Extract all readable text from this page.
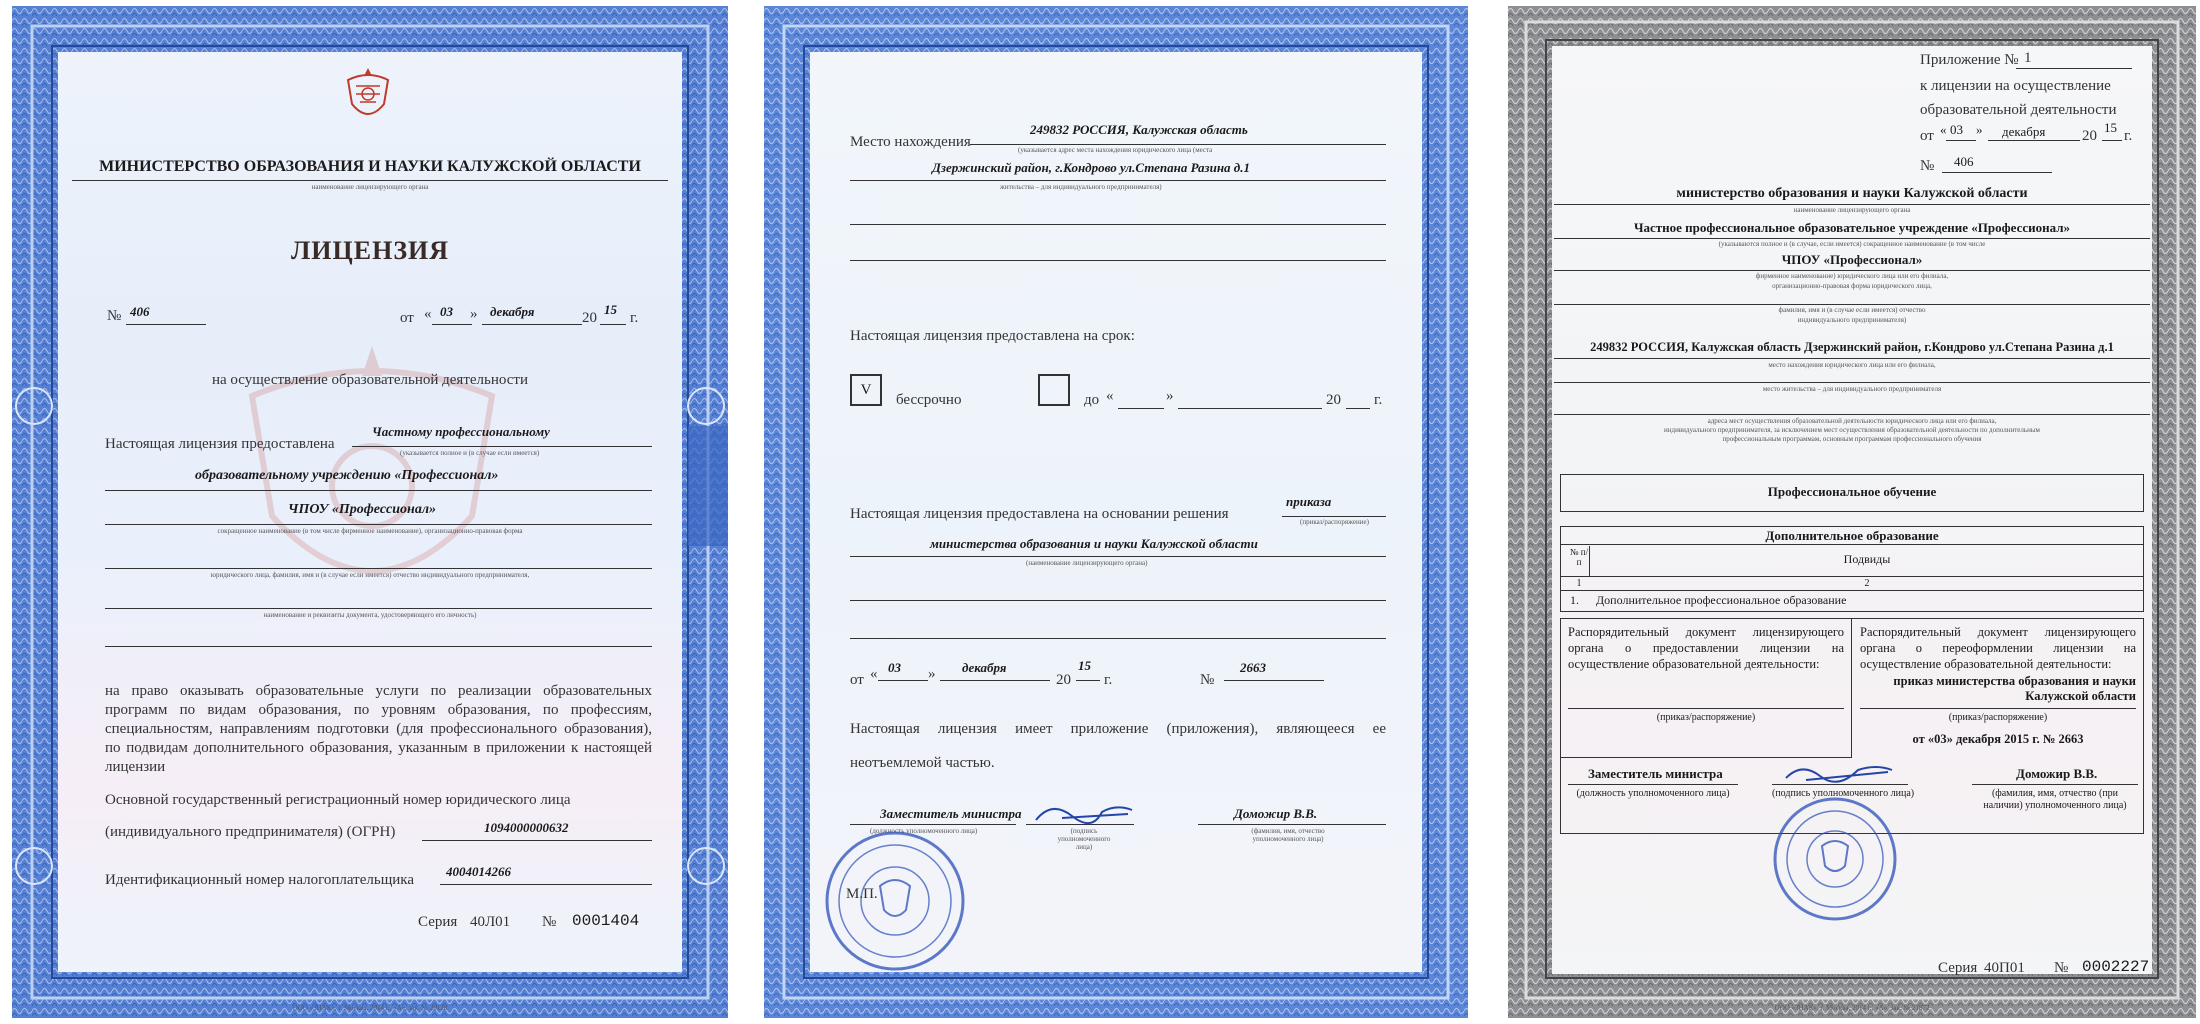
МИНИСТЕРСТВО ОБРАЗОВАНИЯ И НАУКИ КАЛУЖСКОЙ ОБЛАСТИ
наименование лицензирующего органа
ЛИЦЕНЗИЯ
№ 406	от « 03 » декабря	20
15
г.
на осуществление образовательной деятельности
Настоящая лицензия предоставлена
Частному профессиональному
(указывается полное и (в случае если имеется)
образовательному учреждению «Профессионал»
ЧПОУ «Профессионал»
сокращенное наименование (в том числе фирменное наименование), организационно-правовая форма
юридического лица, фамилия, имя и (в случае если имеется) отчество индивидуального предпринимателя,
наименование и реквизиты документа, удостоверяющего его личность)
на право оказывать образовательные услуги по реализации образовательных программ по видам образования, по уровням образования, по профессиям, специальностям, направлениям подготовки (для профессионального образования), по подвидам дополнительного образования, указанным в приложении к настоящей лицензии
Основной государственный регистрационный номер юридического лица
(индивидуального предпринимателя) (ОГРН)	1094000000632
Идентификационный номер налогоплательщика
4004014266
Серия 40Л01 № 0001404
ООО «ЗНАК», г. Москва, 2014 г., «А», зак. № 20128
Место нахождения
249832 РОССИЯ, Калужская область
(указывается адрес места нахождения юридического лица (места
Дзержинский район, г.Кондрово ул.Степана Разина д.1
жительства – для индивидуального предпринимателя)
Настоящая лицензия предоставлена на срок:
V
бессрочно	до «	»	20 г.
Настоящая лицензия предоставлена на основании решения
приказа
(приказ/распоряжение)
министерства образования и науки Калужской области
(наименование лицензирующего органа)
от « 03 » декабря
20
15
г.	№
2663
Настоящая лицензия имеет приложение (приложения), являющееся ее неотъемлемой частью.
Заместитель министра
(должность уполномоченного лица)	(подпись уполномоченного лица)
Доможир В.В.
(фамилия, имя, отчество уполномоченного лица)
М.П.
Приложение № 1
к лицензии на осуществление
образовательной деятельности
от « 03 » декабря 20
15
г.
№ 406
министерство образования и науки Калужской области
наименование лицензирующего органа
Частное профессиональное образовательное учреждение «Профессионал»
(указываются полное и (в случае, если имеется) сокращенное наименование (в том числе
ЧПОУ «Профессионал»
фирменное наименование) юридического лица или его филиала,
организационно-правовая форма юридического лица,
фамилия, имя и (в случае если имеется) отчество
индивидуального предпринимателя)
249832 РОССИЯ, Калужская область Дзержинский район, г.Кондрово ул.Степана Разина д.1
место нахождения юридического лица или его филиала,
место жительства – для индивидуального предпринимателя
адреса мест осуществления образовательной деятельности юридического лица или его филиала,
индивидуального предпринимателя, за исключением мест осуществления образовательной деятельности по дополнительным
профессиональным программам, основным программам профессионального обучения
Профессиональное обучение
Дополнительное образование
№ п/п	Подвиды
1	2
1. Дополнительное профессиональное образование
Распорядительный документ лицензирующего органа о предоставлении лицензии на осуществление образовательной деятельности:
(приказ/распоряжение)
Распорядительный документ лицензирующего органа о переоформлении лицензии на осуществление образовательной деятельности:
приказ министерства образования и науки Калужской области
(приказ/распоряжение)
от «03» декабря 2015 г. № 2663
Заместитель министра
(должность уполномоченного лица)	(подпись уполномоченного лица)
Доможир В.В.
(фамилия, имя, отчество (при наличии) уполномоченного лица)
Серия 40П01 № 0002227
ООО «ЗНАК», г. Москва, 2014 г., «А», зак. № 21872
